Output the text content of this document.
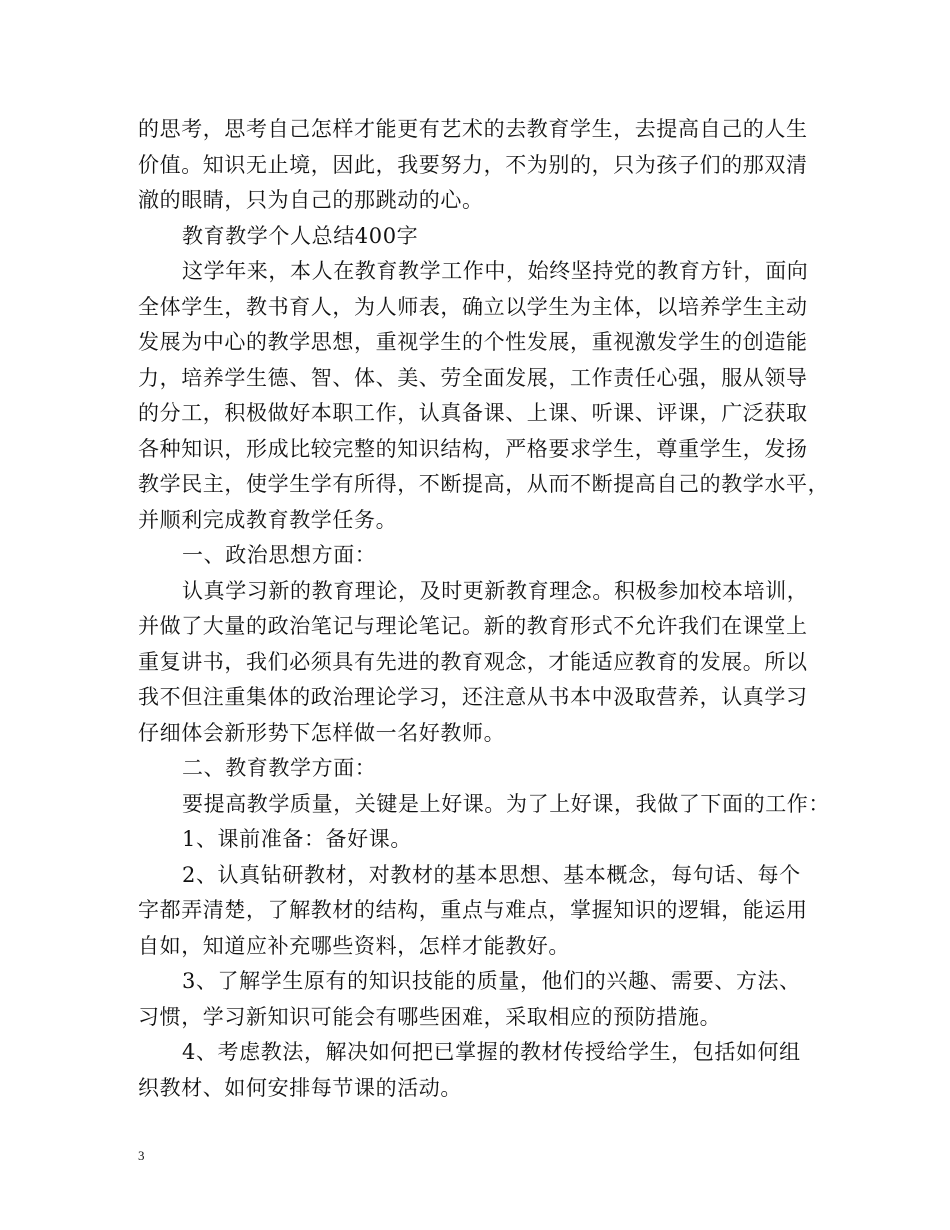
的思考，思考自己怎样才能更有艺术的去教育学生，去提高自己的人生
价值。知识无止境，因此，我要努力，不为别的，只为孩子们的那双清
澈的眼睛，只为自己的那跳动的心。
教育教学个人总结400字
这学年来，本人在教育教学工作中，始终坚持党的教育方针，面向
全体学生，教书育人，为人师表，确立以学生为主体，以培养学生主动
发展为中心的教学思想，重视学生的个性发展，重视激发学生的创造能
力，培养学生德、智、体、美、劳全面发展，工作责任心强，服从领导
的分工，积极做好本职工作，认真备课、上课、听课、评课，广泛获取
各种知识，形成比较完整的知识结构，严格要求学生，尊重学生，发扬
教学民主，使学生学有所得，不断提高，从而不断提高自己的教学水平，
并顺利完成教育教学任务。
一、政治思想方面：
认真学习新的教育理论，及时更新教育理念。积极参加校本培训，
并做了大量的政治笔记与理论笔记。新的教育形式不允许我们在课堂上
重复讲书，我们必须具有先进的教育观念，才能适应教育的发展。所以
我不但注重集体的政治理论学习，还注意从书本中汲取营养，认真学习
仔细体会新形势下怎样做一名好教师。
二、教育教学方面：
要提高教学质量，关键是上好课。为了上好课，我做了下面的工作：
1、课前准备：备好课。
2、认真钻研教材，对教材的基本思想、基本概念，每句话、每个
字都弄清楚，了解教材的结构，重点与难点，掌握知识的逻辑，能运用
自如，知道应补充哪些资料，怎样才能教好。
3、了解学生原有的知识技能的质量，他们的兴趣、需要、方法、
习惯，学习新知识可能会有哪些困难，采取相应的预防措施。
4、考虑教法，解决如何把已掌握的教材传授给学生，包括如何组
织教材、如何安排每节课的活动。
3
